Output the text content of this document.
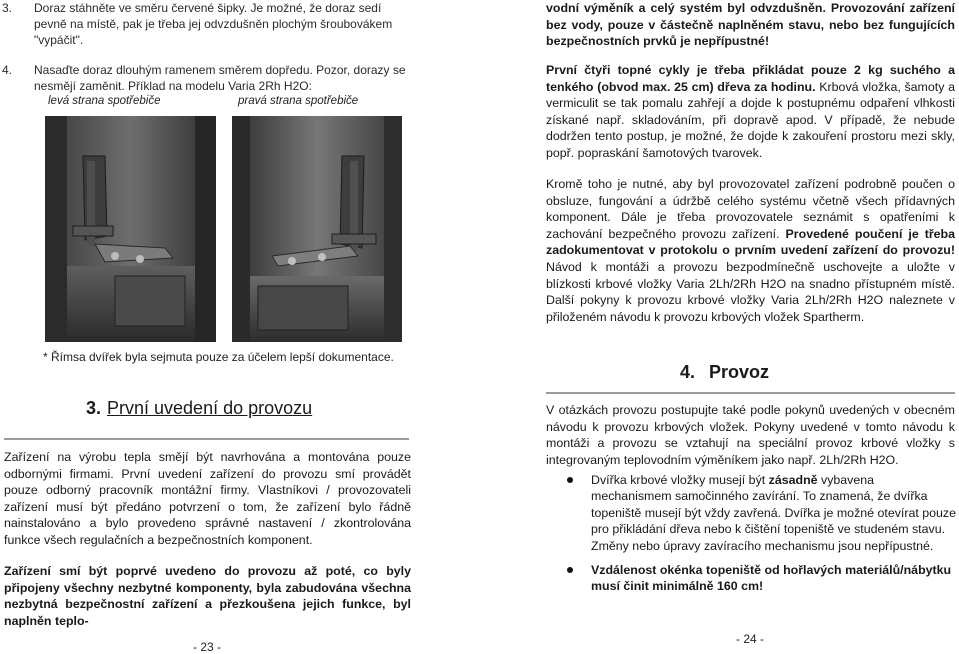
3. Doraz stáhněte ve směru červené šipky. Je možné, že doraz sedí pevně na místě, pak je třeba jej odvzdušněn plochým šroubovákem "vypáčit".
4. Nasaďte doraz dlouhým ramenem směrem dopředu. Pozor, dorazy se nesmějí zaměnit. Příklad na modelu Varia 2Rh H2O:
levá strana spotřebiče	pravá strana spotřebiče
* Římsa dvířek byla sejmuta pouze za účelem lepší dokumentace.
3. První uvedení do provozu

Zařízení na výrobu tepla smějí být navrhována a montována pouze odbornými firmami. První uvedení zařízení do provozu smí provádět pouze odborný pracovník montážní firmy. Vlastníkovi / provozovateli zařízení musí být předáno potvrzení o tom, že zařízení bylo řádně nainstalováno a bylo provedeno správné nastavení / zkontrolována funkce všech regulačních a bezpečnostních komponent.

Zařízení smí být poprvé uvedeno do provozu až poté, co byly připojeny všechny nezbytné komponenty, byla zabudována všechna nezbytná bezpečnostní zařízení a přezkoušena jejich funkce, byl naplněn teplo-

- 23 -

vodní výměník a celý systém byl odvzdušněn. Provozování zařízení bez vody, pouze v částečně naplněném stavu, nebo bez fungujících bezpečnostních prvků je nepřípustné!

První čtyři topné cykly je třeba přikládat pouze 2 kg suchého a tenkého (obvod max. 25 cm) dřeva za hodinu. Krbová vložka, šamoty a vermiculit se tak pomalu zahřejí a dojde k postupnému odpaření vlhkosti získané např. skladováním, při dopravě apod. V případě, že nebude dodržen tento postup, je možné, že dojde k zakouření prostoru mezi skly, popř. popraskání šamotových tvarovek.

Kromě toho je nutné, aby byl provozovatel zařízení podrobně poučen o obsluze, fungování a údržbě celého systému včetně všech přídavných komponent. Dále je třeba provozovatele seznámit s opatřeními k zachování bezpečného provozu zařízení. Provedené poučení je třeba zadokumentovat v protokolu o prvním uvedení zařízení do provozu! Návod k montáži a provozu bezpodmínečně uschovejte a uložte v blízkosti krbové vložky Varia 2Lh/2Rh H2O na snadno přístupném místě. Další pokyny k provozu krbové vložky Varia 2Lh/2Rh H2O naleznete v přiloženém návodu k provozu krbových vložek Spartherm.

4. Provoz

V otázkách provozu postupujte také podle pokynů uvedených v obecném návodu k provozu krbových vložek. Pokyny uvedené v tomto návodu k montáži a provozu se vztahují na speciální provoz krbové vložky s integrovaným teplovodním výměníkem jako např. 2Lh/2Rh H2O.

Dvířka krbové vložky musejí být zásadně vybavena mechanismem samočinného zavírání. To znamená, že dvířka topeniště musejí být vždy zavřená. Dvířka je možné otevírat pouze pro přikládání dřeva nebo k čištění topeniště ve studeném stavu. Změny nebo úpravy zavíracího mechanismu jsou nepřípustné.
Vzdálenost okénka topeniště od hořlavých materiálů/nábytku musí činit minimálně 160 cm!
- 24 -
